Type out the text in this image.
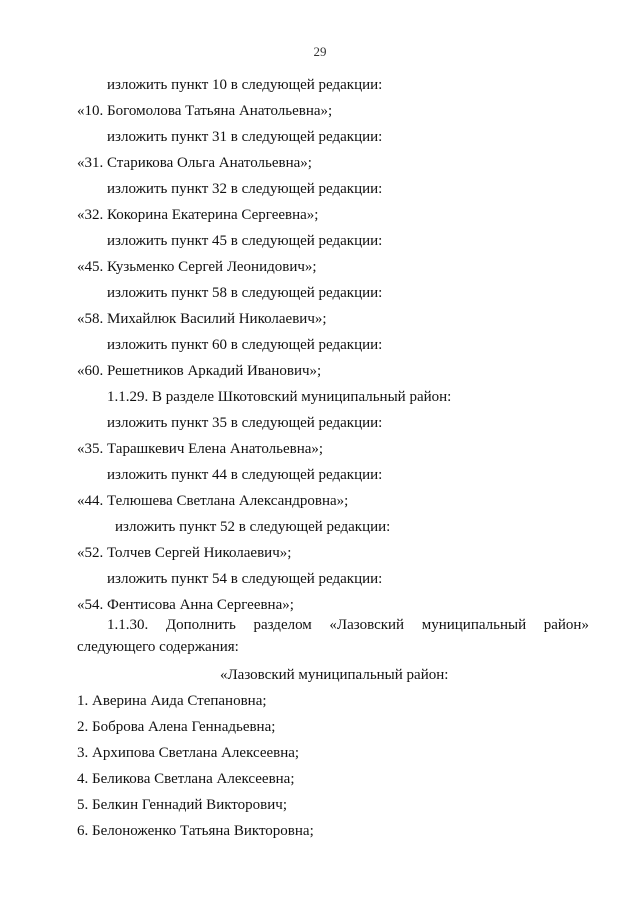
29
изложить пункт 10 в следующей редакции:
«10. Богомолова Татьяна Анатольевна»;
изложить пункт 31 в следующей редакции:
«31. Старикова Ольга Анатольевна»;
изложить пункт 32 в следующей редакции:
«32. Кокорина Екатерина Сергеевна»;
изложить пункт 45 в следующей редакции:
«45. Кузьменко Сергей Леонидович»;
изложить пункт 58 в следующей редакции:
«58. Михайлюк Василий Николаевич»;
изложить пункт 60 в следующей редакции:
«60. Решетников Аркадий Иванович»;
1.1.29. В разделе Шкотовский муниципальный район:
изложить пункт 35 в следующей редакции:
«35. Тарашкевич Елена Анатольевна»;
изложить пункт 44 в следующей редакции:
«44. Телюшева Светлана Александровна»;
изложить пункт 52 в следующей редакции:
«52. Толчев Сергей Николаевич»;
изложить пункт 54 в следующей редакции:
«54. Фентисова Анна Сергеевна»;
1.1.30. Дополнить разделом «Лазовский муниципальный район»
следующего содержания:
«Лазовский муниципальный район:
1. Аверина Аида Степановна;
2. Боброва Алена Геннадьевна;
3. Архипова Светлана Алексеевна;
4. Беликова Светлана Алексеевна;
5. Белкин Геннадий Викторович;
6. Белоноженко Татьяна Викторовна;
